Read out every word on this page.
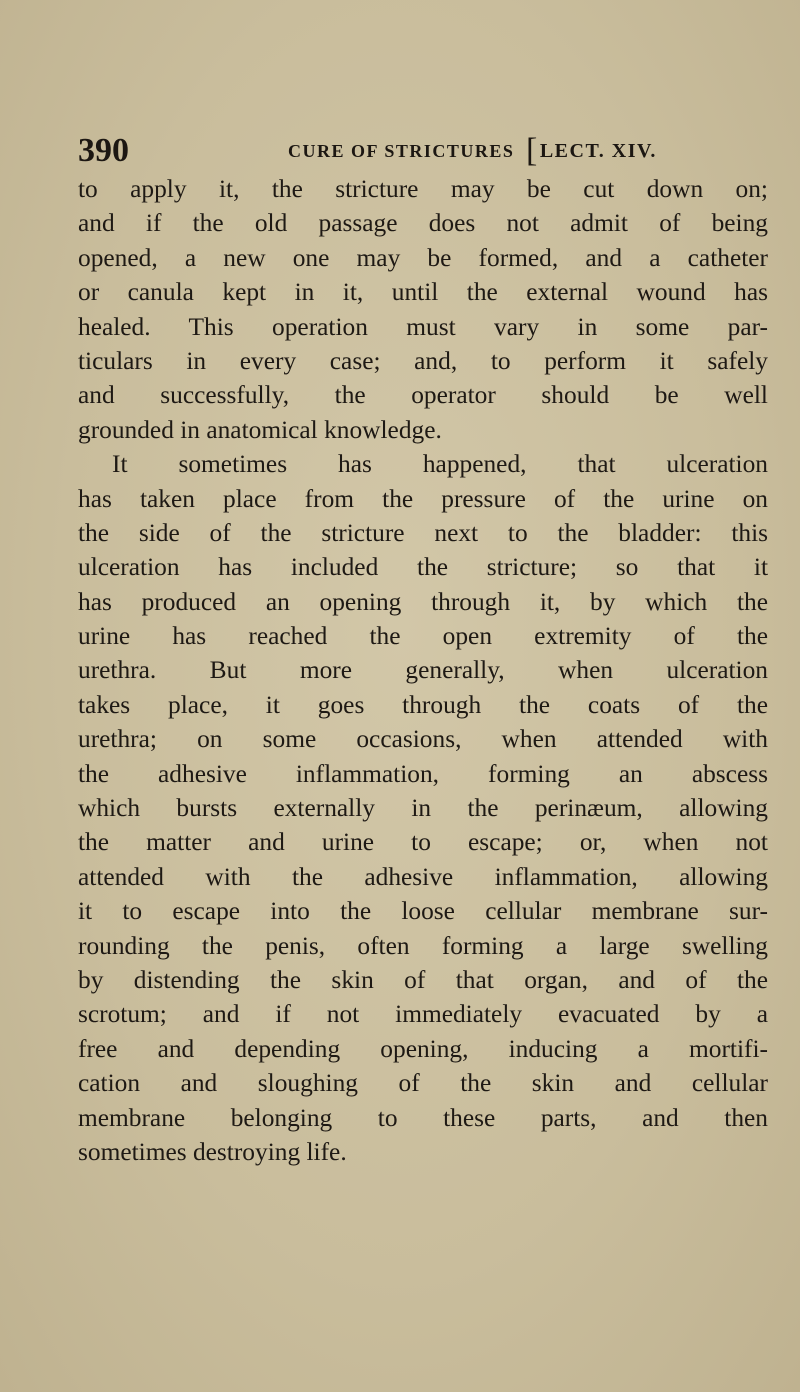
390	CURE OF STRICTURES [LECT. XIV.
to apply it, the stricture may be cut down on;
and if the old passage does not admit of being
opened, a new one may be formed, and a catheter
or canula kept in it, until the external wound has
healed. This operation must vary in some par-
ticulars in every case; and, to perform it safely
and successfully, the operator should be well
grounded in anatomical knowledge.
It sometimes has happened, that ulceration
has taken place from the pressure of the urine on
the side of the stricture next to the bladder: this
ulceration has included the stricture; so that it
has produced an opening through it, by which the
urine has reached the open extremity of the
urethra. But more generally, when ulceration
takes place, it goes through the coats of the
urethra; on some occasions, when attended with
the adhesive inflammation, forming an abscess
which bursts externally in the perinæum, allowing
the matter and urine to escape; or, when not
attended with the adhesive inflammation, allowing
it to escape into the loose cellular membrane sur-
rounding the penis, often forming a large swelling
by distending the skin of that organ, and of the
scrotum; and if not immediately evacuated by a
free and depending opening, inducing a mortifi-
cation and sloughing of the skin and cellular
membrane belonging to these parts, and then
sometimes destroying life.
